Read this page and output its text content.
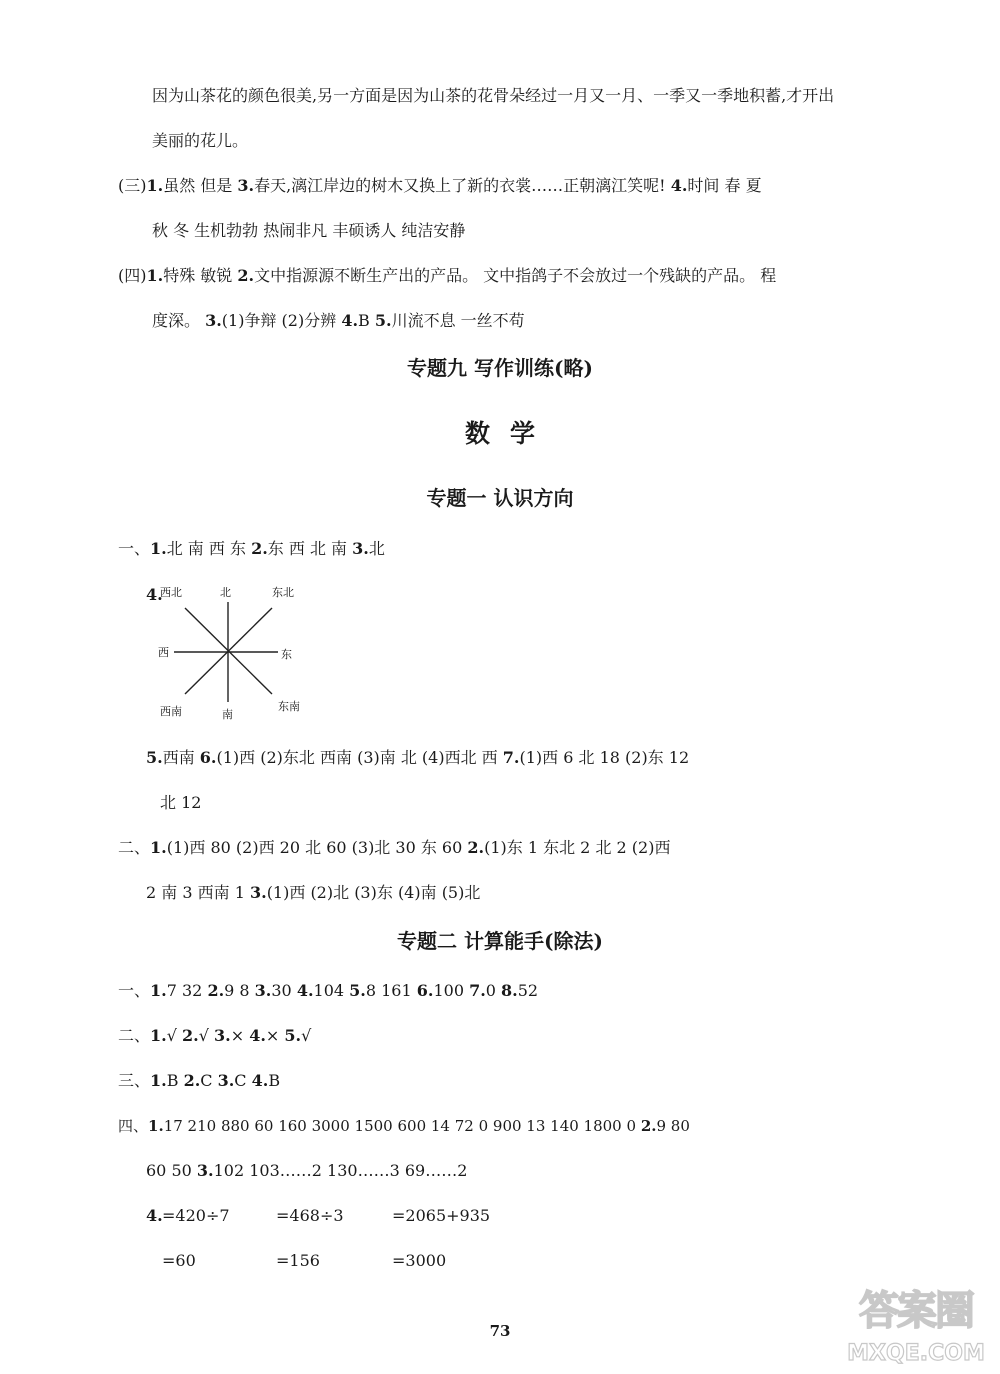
因为山茶花的颜色很美,另一方面是因为山茶的花骨朵经过一月又一月、一季又一季地积蓄,才开出
美丽的花儿。
(三)1.虽然 但是 3.春天,漓江岸边的树木又换上了新的衣裳……正朝漓江笑呢! 4.时间 春 夏
秋 冬 生机勃勃 热闹非凡 丰硕诱人 纯洁安静
(四)1.特殊 敏锐 2.文中指源源不断生产出的产品。 文中指鸽子不会放过一个残缺的产品。 程
度深。 3.(1)争辩 (2)分辨 4.B 5.川流不息 一丝不苟
专题九 写作训练(略)
数学
专题一 认识方向
一、1.北 南 西 东 2.东 西 北 南 3.北
4.
西北	北	东北
西	东
西南	南
东南
5.西南 6.(1)西 (2)东北 西南 (3)南 北 (4)西北 西 7.(1)西 6 北 18 (2)东 12
北 12
二、1.(1)西 80 (2)西 20 北 60 (3)北 30 东 60 2.(1)东 1 东北 2 北 2 (2)西
2 南 3 西南 1 3.(1)西 (2)北 (3)东 (4)南 (5)北
专题二 计算能手(除法)
一、1.7 32 2.9 8 3.30 4.104 5.8 161 6.100 7.0 8.52
二、1.√ 2.√ 3.× 4.× 5.√
三、1.B 2.C 3.C 4.B
四、1.17 210 880 60 160 3000 1500 600 14 72 0 900 13 140 1800 0 2.9 80
60 50 3.102 103……2 130……3 69……2
4. =420÷7	=468÷3	=2065+935
=60	=156	=3000
73	答案圈
MXQE.COM
